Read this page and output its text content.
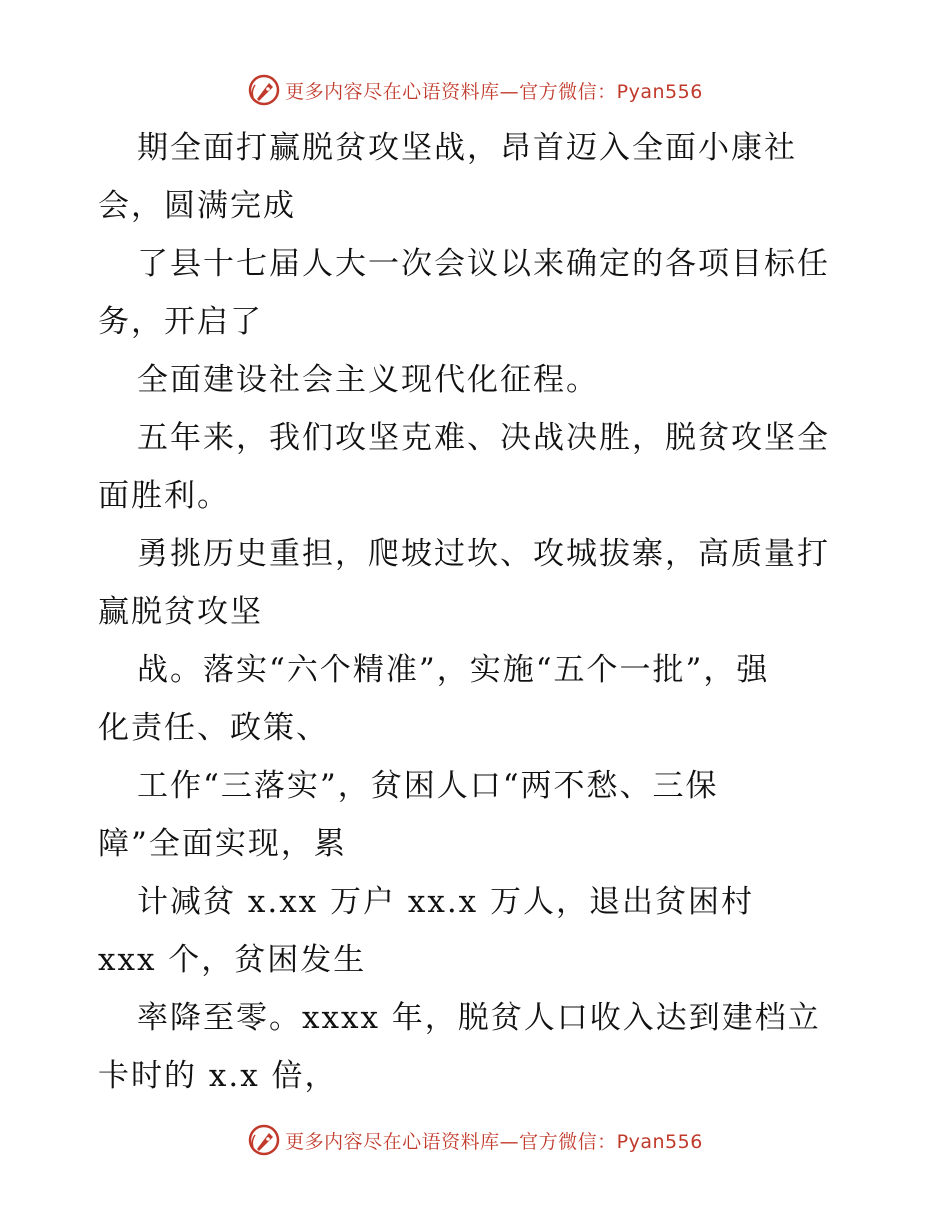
更多内容尽在心语资料库—官方微信：Pyan556
期全面打赢脱贫攻坚战，昂首迈入全面小康社
会，圆满完成
了县十七届人大一次会议以来确定的各项目标任
务，开启了
全面建设社会主义现代化征程。
五年来，我们攻坚克难、决战决胜，脱贫攻坚全
面胜利。
勇挑历史重担，爬坡过坎、攻城拔寨，高质量打
赢脱贫攻坚
战。落实“六个精准”，实施“五个一批”，强
化责任、政策、
工作“三落实”，贫困人口“两不愁、三保
障”全面实现，累
计减贫 x.xx 万户 xx.x 万人，退出贫困村
xxx 个，贫困发生
率降至零。xxxx 年，脱贫人口收入达到建档立
卡时的 x.x 倍，
更多内容尽在心语资料库—官方微信：Pyan556
